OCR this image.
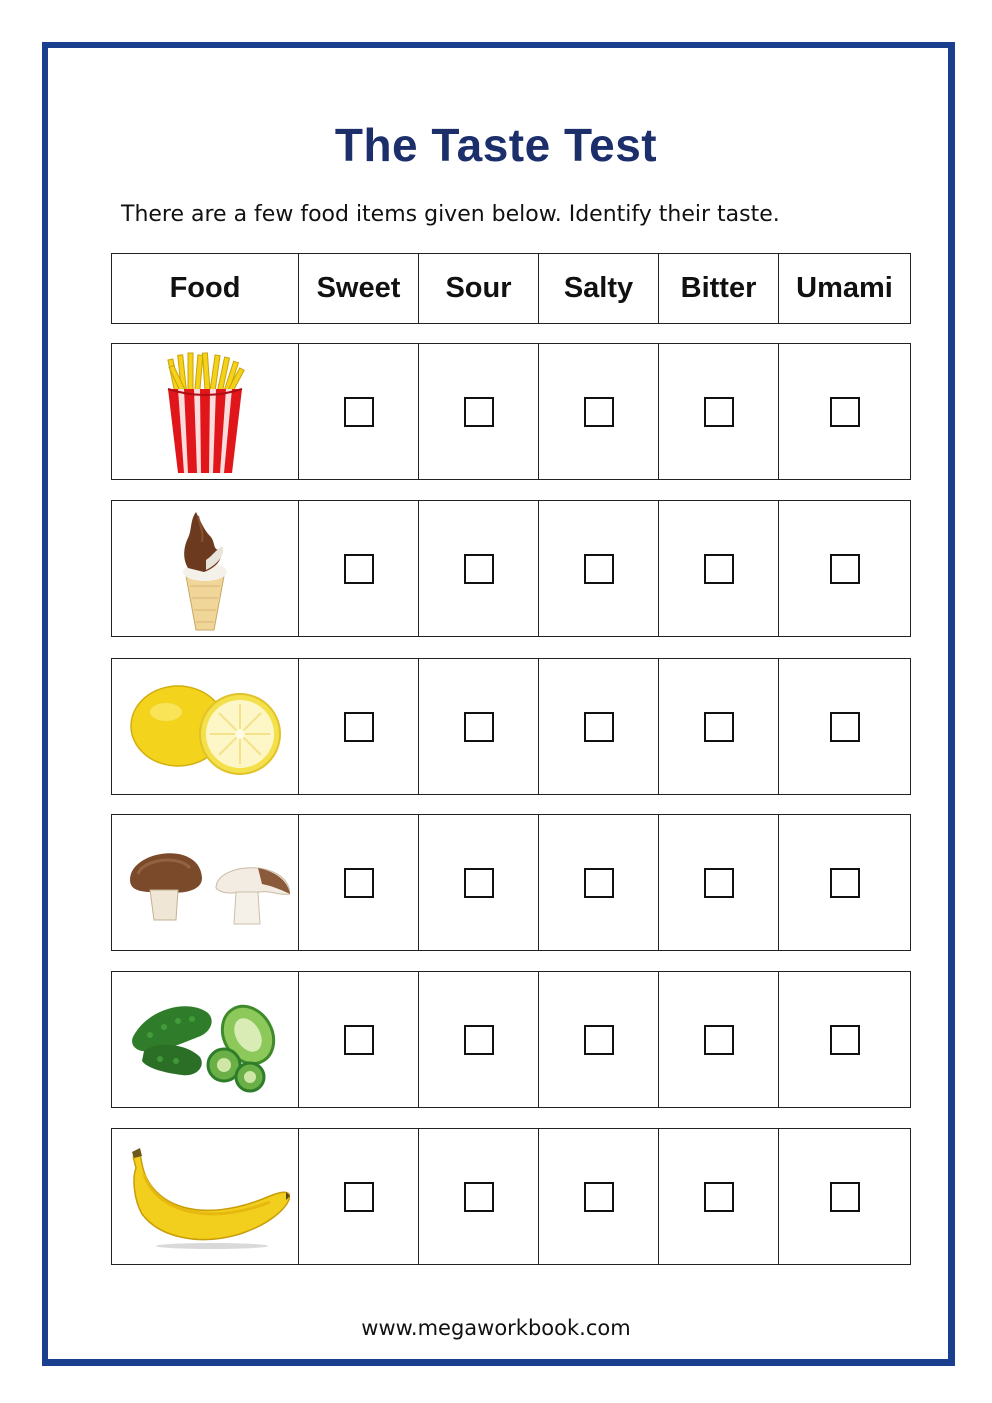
The Taste Test
There are a few food items given below. Identify their taste.
Food	Sweet	Sour	Salty	Bitter	Umami
www.megaworkbook.com
